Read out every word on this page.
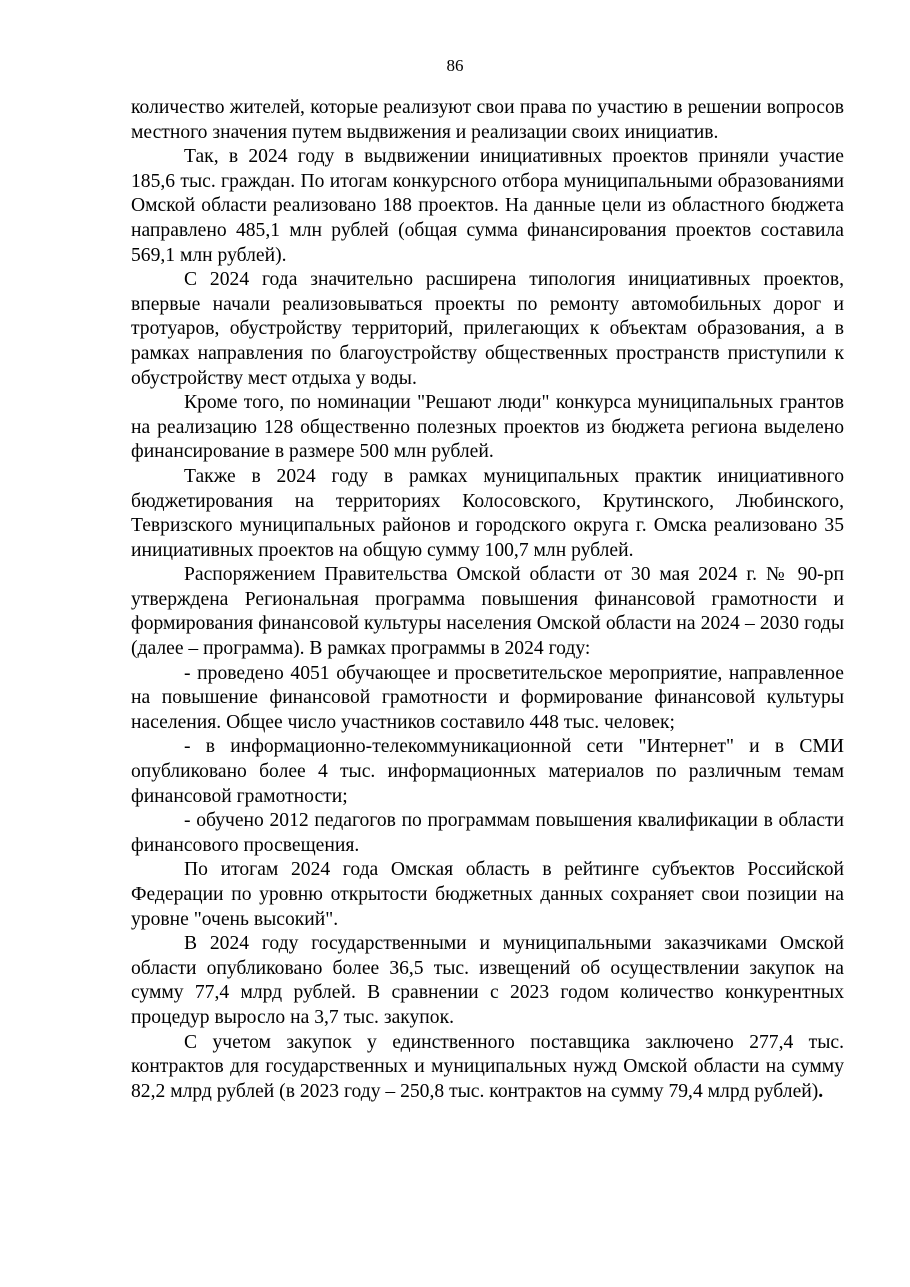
86

количество жителей, которые реализуют свои права по участию в решении вопросов местного значения путем выдвижения и реализации своих инициатив.

Так, в 2024 году в выдвижении инициативных проектов приняли участие 185,6 тыс. граждан. По итогам конкурсного отбора муниципальными образованиями Омской области реализовано 188 проектов. На данные цели из областного бюджета направлено 485,1 млн рублей (общая сумма финансирования проектов составила 569,1 млн рублей).

С 2024 года значительно расширена типология инициативных проектов, впервые начали реализовываться проекты по ремонту автомобильных дорог и тротуаров, обустройству территорий, прилегающих к объектам образования, а в рамках направления по благоустройству общественных пространств приступили к обустройству мест отдыха у воды.

Кроме того, по номинации "Решают люди" конкурса муниципальных грантов на реализацию 128 общественно полезных проектов из бюджета региона выделено финансирование в размере 500 млн рублей.

Также в 2024 году в рамках муниципальных практик инициативного бюджетирования на территориях Колосовского, Крутинского, Любинского, Тевризского муниципальных районов и городского округа г. Омска реализовано 35 инициативных проектов на общую сумму 100,7 млн рублей.

Распоряжением Правительства Омской области от 30 мая 2024 г. № 90-рп утверждена Региональная программа повышения финансовой грамотности и формирования финансовой культуры населения Омской области на 2024 – 2030 годы (далее – программа). В рамках программы в 2024 году:

- проведено 4051 обучающее и просветительское мероприятие, направленное на повышение финансовой грамотности и формирование финансовой культуры населения. Общее число участников составило 448 тыс. человек;

- в информационно-телекоммуникационной сети "Интернет" и в СМИ опубликовано более 4 тыс. информационных материалов по различным темам финансовой грамотности;

- обучено 2012 педагогов по программам повышения квалификации в области финансового просвещения.

По итогам 2024 года Омская область в рейтинге субъектов Российской Федерации по уровню открытости бюджетных данных сохраняет свои позиции на уровне "очень высокий".

В 2024 году государственными и муниципальными заказчиками Омской области опубликовано более 36,5 тыс. извещений об осуществлении закупок на сумму 77,4 млрд рублей. В сравнении с 2023 годом количество конкурентных процедур выросло на 3,7 тыс. закупок.

С учетом закупок у единственного поставщика заключено 277,4 тыс. контрактов для государственных и муниципальных нужд Омской области на сумму 82,2 млрд рублей (в 2023 году – 250,8 тыс. контрактов на сумму 79,4 млрд рублей).
